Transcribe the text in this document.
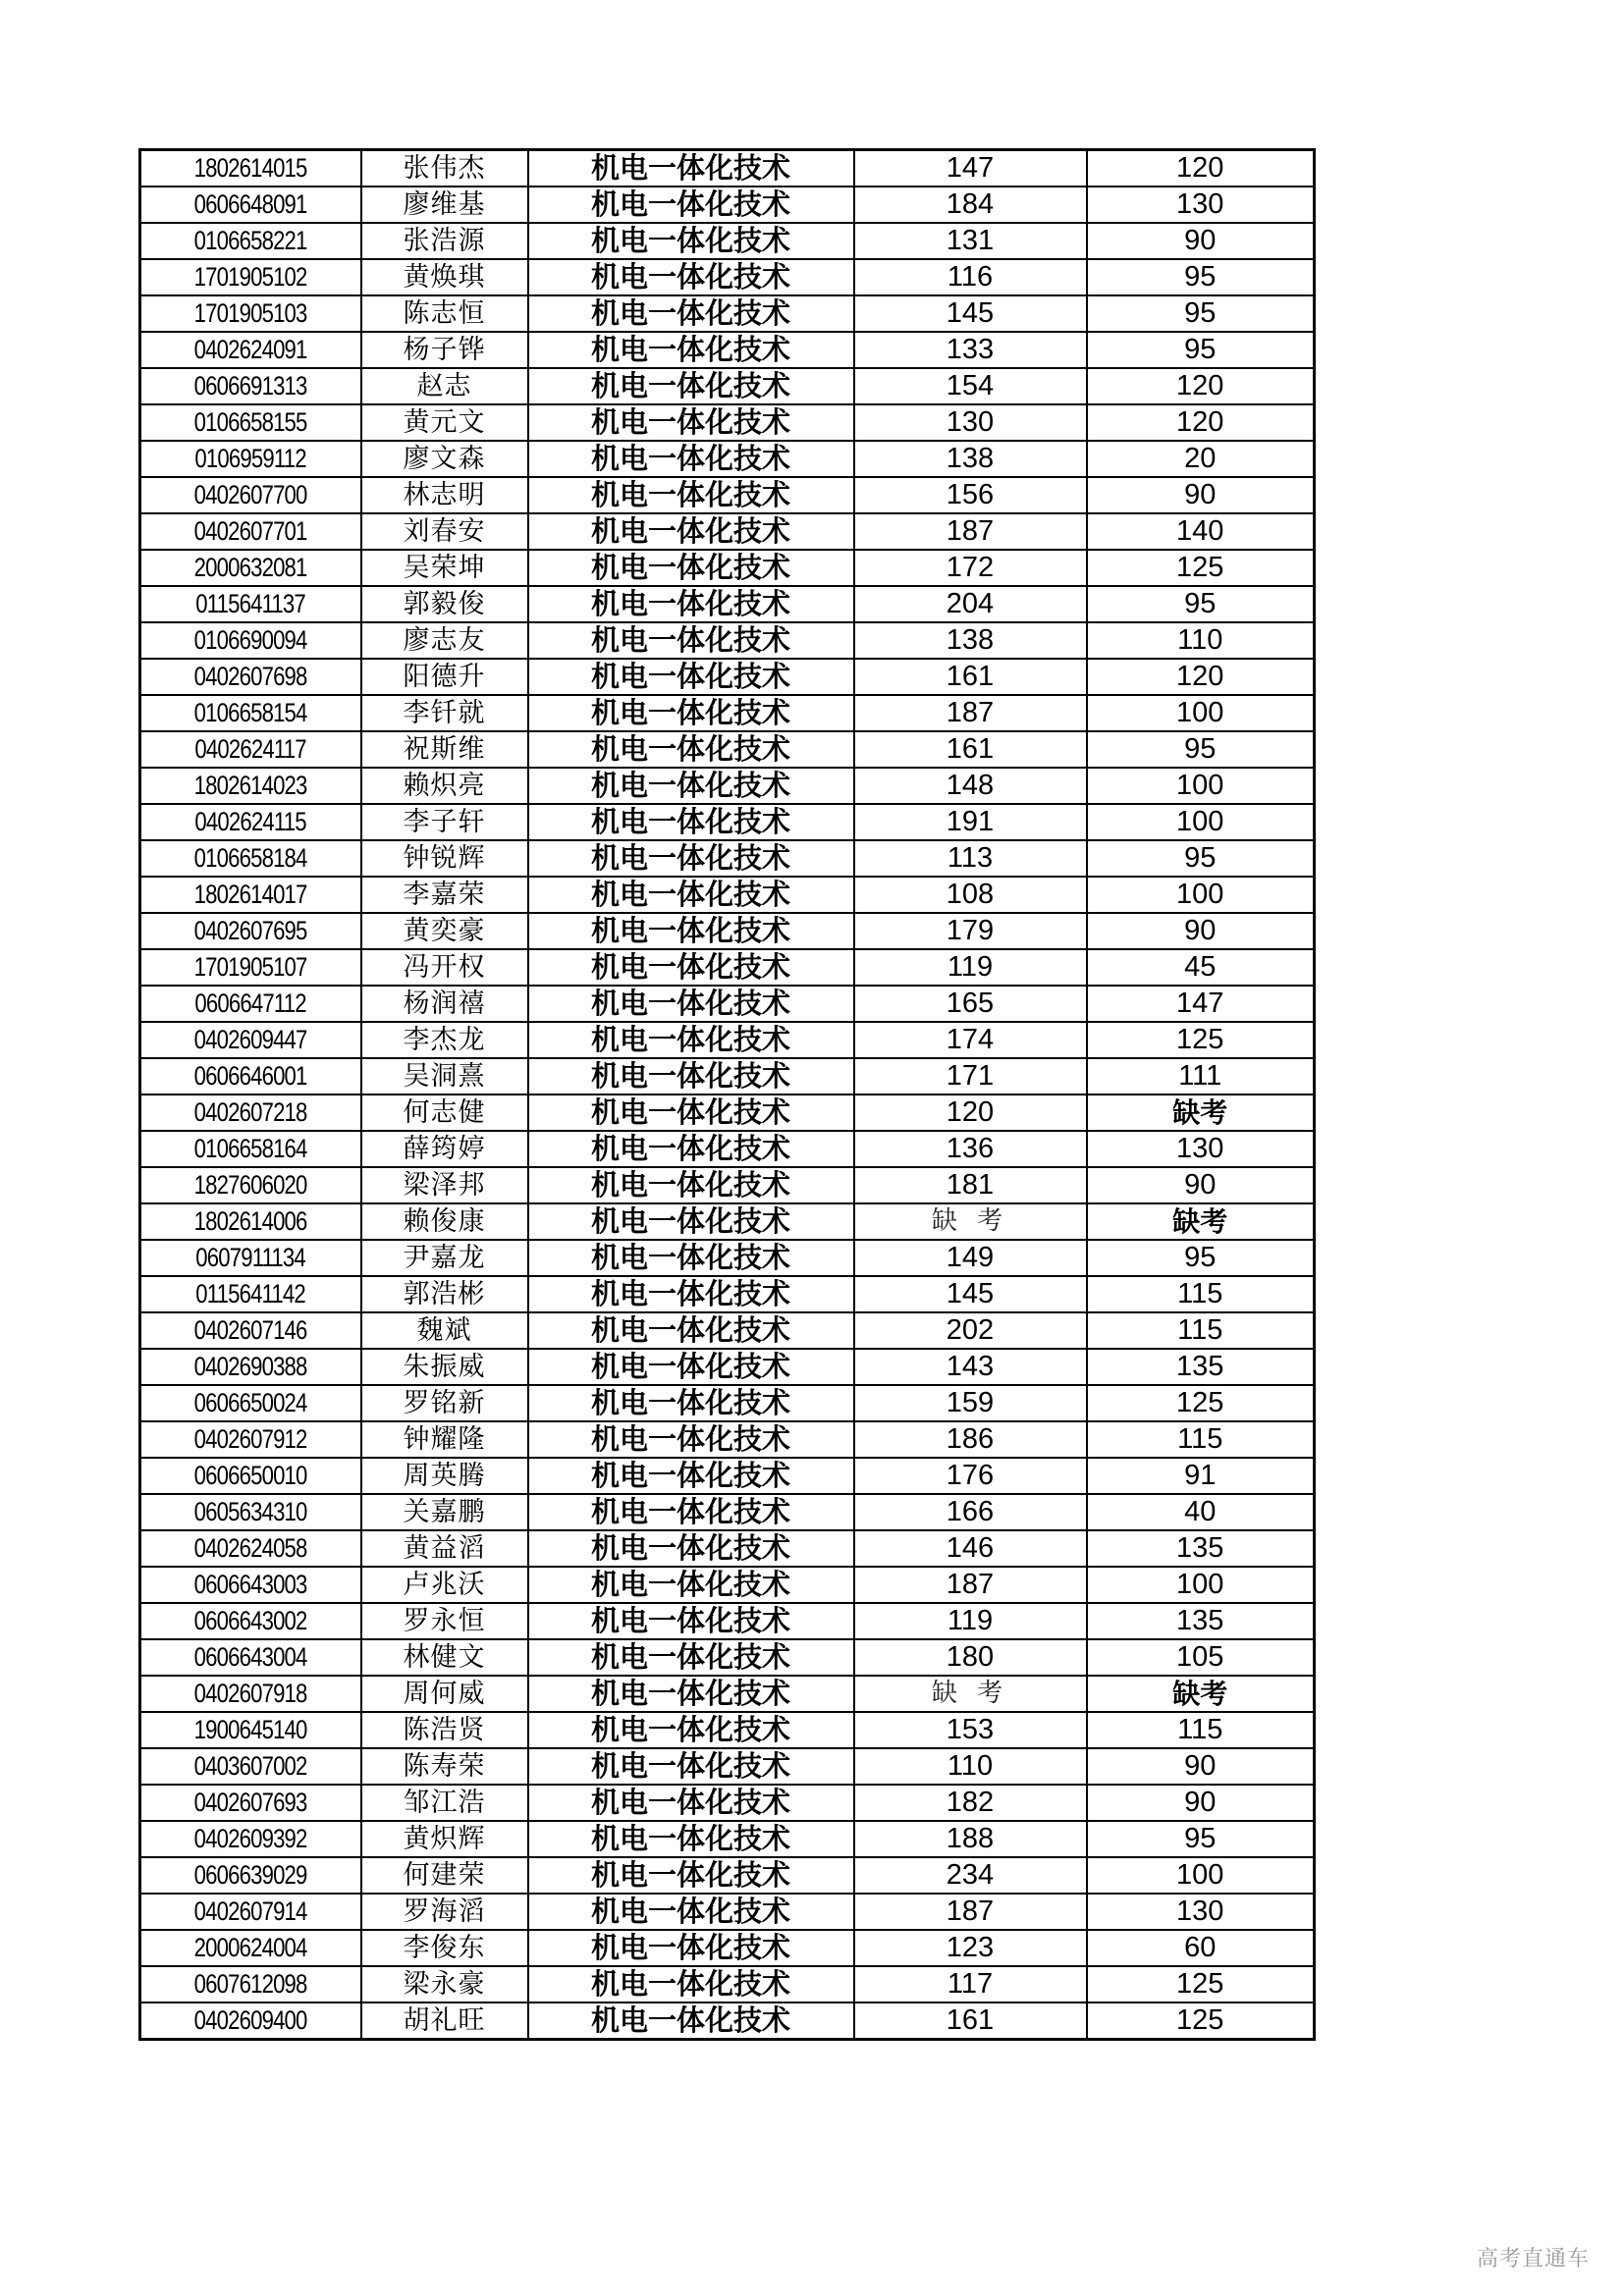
1802614015	张伟杰	机电一体化技术	147	120
0606648091	廖维基	机电一体化技术	184	130
0106658221	张浩源	机电一体化技术	131	90
1701905102	黄焕琪	机电一体化技术	116	95
1701905103	陈志恒	机电一体化技术	145	95
0402624091	杨子铧	机电一体化技术	133	95
0606691313	赵志	机电一体化技术	154	120
0106658155	黄元文	机电一体化技术	130	120
0106959112	廖文森	机电一体化技术	138	20
0402607700	林志明	机电一体化技术	156	90
0402607701	刘春安	机电一体化技术	187	140
2000632081	吴荣坤	机电一体化技术	172	125
0115641137	郭毅俊	机电一体化技术	204	95
0106690094	廖志友	机电一体化技术	138	110
0402607698	阳德升	机电一体化技术	161	120
0106658154	李钎就	机电一体化技术	187	100
0402624117	祝斯维	机电一体化技术	161	95
1802614023	赖炽亮	机电一体化技术	148	100
0402624115	李子轩	机电一体化技术	191	100
0106658184	钟锐辉	机电一体化技术	113	95
1802614017	李嘉荣	机电一体化技术	108	100
0402607695	黄奕豪	机电一体化技术	179	90
1701905107	冯开权	机电一体化技术	119	45
0606647112	杨润禧	机电一体化技术	165	147
0402609447	李杰龙	机电一体化技术	174	125
0606646001	吴洞熹	机电一体化技术	171	111
0402607218	何志健	机电一体化技术	120	缺考
0106658164	薛筠婷	机电一体化技术	136	130
1827606020	梁泽邦	机电一体化技术	181	90
1802614006	赖俊康	机电一体化技术	缺 考	缺考
0607911134	尹嘉龙	机电一体化技术	149	95
0115641142	郭浩彬	机电一体化技术	145	115
0402607146	魏斌	机电一体化技术	202	115
0402690388	朱振威	机电一体化技术	143	135
0606650024	罗铭新	机电一体化技术	159	125
0402607912	钟耀隆	机电一体化技术	186	115
0606650010	周英腾	机电一体化技术	176	91
0605634310	关嘉鹏	机电一体化技术	166	40
0402624058	黄益滔	机电一体化技术	146	135
0606643003	卢兆沃	机电一体化技术	187	100
0606643002	罗永恒	机电一体化技术	119	135
0606643004	林健文	机电一体化技术	180	105
0402607918	周何威	机电一体化技术	缺 考	缺考
1900645140	陈浩贤	机电一体化技术	153	115
0403607002	陈寿荣	机电一体化技术	110	90
0402607693	邹江浩	机电一体化技术	182	90
0402609392	黄炽辉	机电一体化技术	188	95
0606639029	何建荣	机电一体化技术	234	100
0402607914	罗海滔	机电一体化技术	187	130
2000624004	李俊东	机电一体化技术	123	60
0607612098	梁永豪	机电一体化技术	117	125
0402609400	胡礼旺	机电一体化技术	161	125
高考直通车
